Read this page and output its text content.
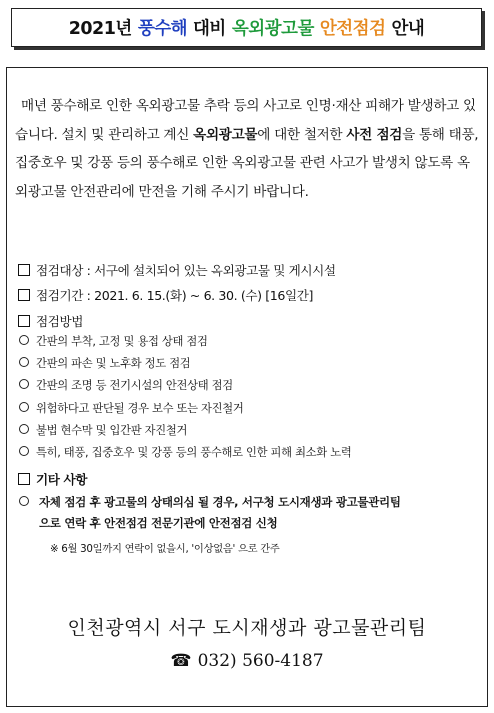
2021년 풍수해 대비 옥외광고물 안전점검 안내

매년 풍수해로 인한 옥외광고물 추락 등의 사고로 인명·재산 피해가 발생하고 있습니다. 설치 및 관리하고 계신 옥외광고물에 대한 철저한 사전 점검을 통해 태풍, 집중호우 및 강풍 등의 풍수해로 인한 옥외광고물 관련 사고가 발생치 않도록 옥외광고물 안전관리에 만전을 기해 주시기 바랍니다.

점검대상 : 서구에 설치되어 있는 옥외광고물 및 게시시설
점검기간 : 2021. 6. 15.(화) ~ 6. 30. (수) [16일간]
점검방법
간판의 부착, 고정 및 용접 상태 점검
간판의 파손 및 노후화 정도 점검
간판의 조명 등 전기시설의 안전상태 점검
위험하다고 판단될 경우 보수 또는 자진철거
불법 현수막 및 입간판 자진철거
특히, 태풍, 집중호우 및 강풍 등의 풍수해로 인한 피해 최소화 노력
기타 사항
자체 점검 후 광고물의 상태의심 될 경우, 서구청 도시재생과 광고물관리팀
으로 연락 후 안전점검 전문기관에 안전점검 신청
※ 6월 30일까지 연락이 없을시, '이상없음' 으로 간주
인천광역시 서구 도시재생과 광고물관리팀
☎ 032) 560-4187
